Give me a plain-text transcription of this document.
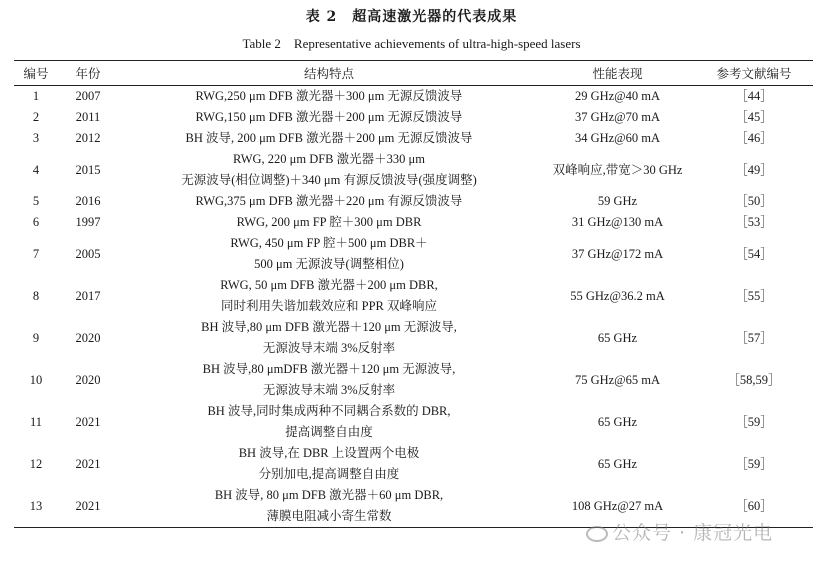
表 2　超高速激光器的代表成果
Table 2　Representative achievements of ultra-high-speed lasers
编号	年份	结构特点	性能表现	参考文献编号
1	2007	RWG,250 μm DFB 激光器＋300 μm 无源反馈波导	29 GHz@40 mA	［44］
2	2011	RWG,150 μm DFB 激光器＋200 μm 无源反馈波导	37 GHz@70 mA	［45］
3	2012	BH 波导, 200 μm DFB 激光器＋200 μm 无源反馈波导	34 GHz@60 mA	［46］
4	2015	RWG, 220 μm DFB 激光器＋330 μm
无源波导(相位调整)＋340 μm 有源反馈波导(强度调整)	双峰响应,带宽＞30 GHz	［49］
5	2016	RWG,375 μm DFB 激光器＋220 μm 有源反馈波导	59 GHz	［50］
6	1997	RWG, 200 μm FP 腔＋300 μm DBR	31 GHz@130 mA	［53］
7	2005	RWG, 450 μm FP 腔＋500 μm DBR＋
500 μm 无源波导(调整相位)	37 GHz@172 mA	［54］
8	2017	RWG, 50 μm DFB 激光器＋200 μm DBR,
同时利用失谐加载效应和 PPR 双峰响应	55 GHz@36.2 mA	［55］
9	2020	BH 波导,80 μm DFB 激光器＋120 μm 无源波导,
无源波导末端 3%反射率	65 GHz	［57］
10	2020	BH 波导,80 μmDFB 激光器＋120 μm 无源波导,
无源波导末端 3%反射率	75 GHz@65 mA	［58,59］
11	2021	BH 波导,同时集成两种不同耦合系数的 DBR,
提高调整自由度	65 GHz	［59］
12	2021	BH 波导,在 DBR 上设置两个电极
分别加电,提高调整自由度	65 GHz	［59］
13	2021	BH 波导, 80 μm DFB 激光器＋60 μm DBR,
薄膜电阻减小寄生常数	108 GHz@27 mA	［60］
公众号 · 康冠光电
